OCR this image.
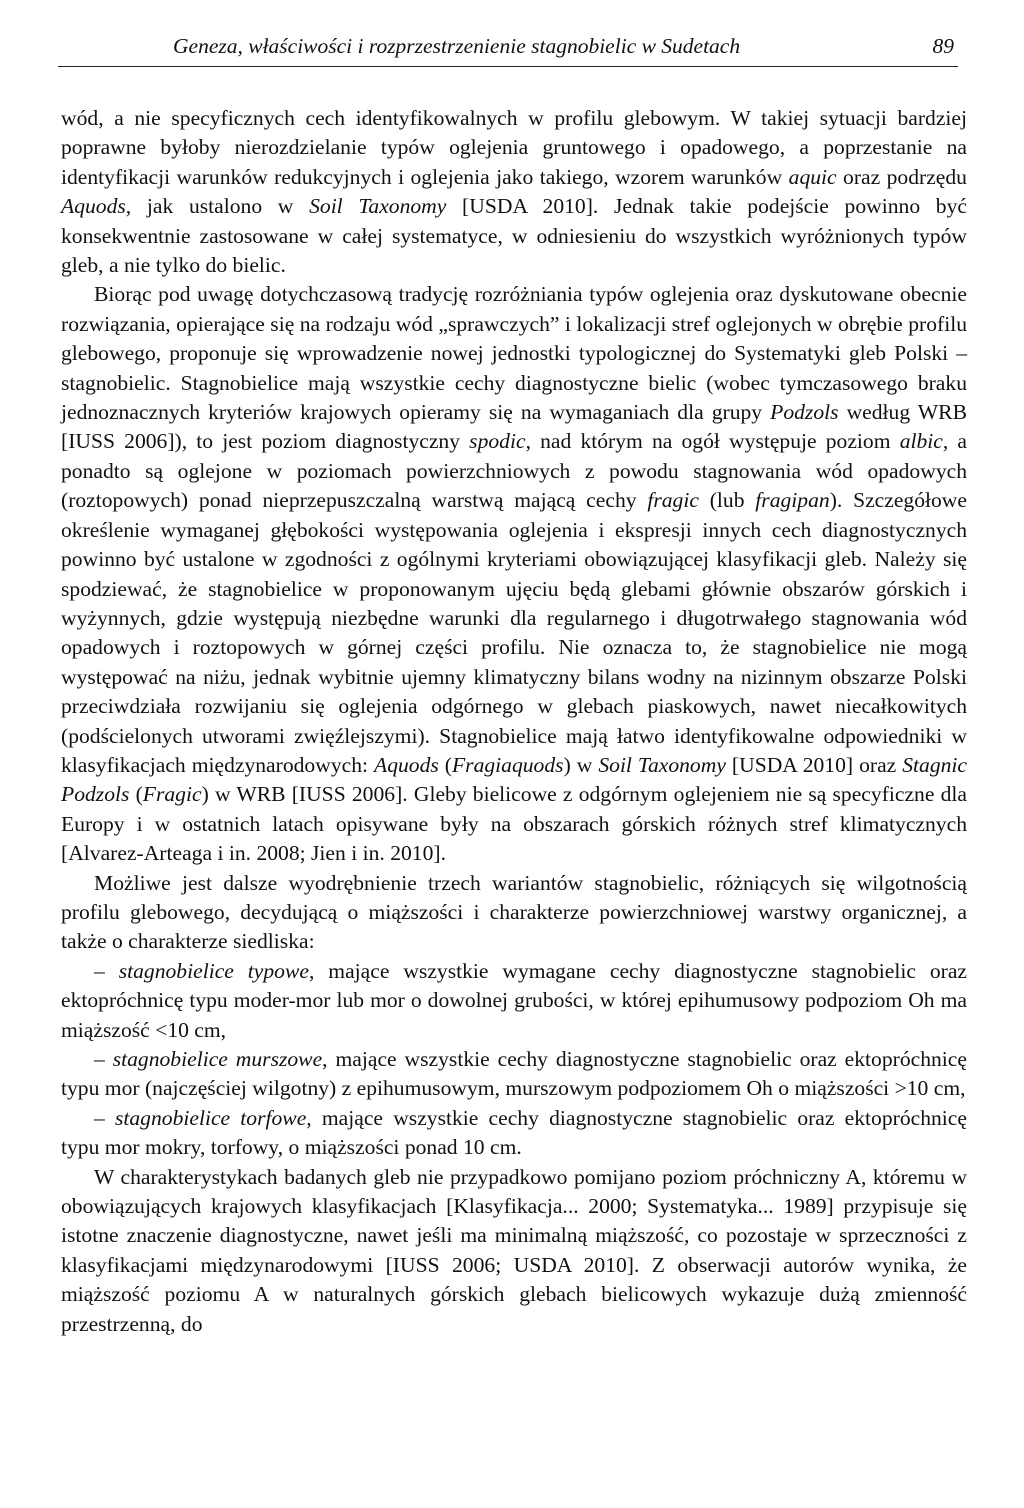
Geneza, właściwości i rozprzestrzenienie stagnobielic w Sudetach	89

wód, a nie specyficznych cech identyfikowalnych w profilu glebowym. W takiej sytuacji bardziej poprawne byłoby nierozdzielanie typów oglejenia gruntowego i opadowego, a poprzestanie na identyfikacji warunków redukcyjnych i oglejenia jako takiego, wzorem warunków aquic oraz podrzędu Aquods, jak ustalono w Soil Taxonomy [USDA 2010]. Jednak takie podejście powinno być konsekwentnie zastosowane w całej systematyce, w odniesieniu do wszystkich wyróżnionych typów gleb, a nie tylko do bielic.

Biorąc pod uwagę dotychczasową tradycję rozróżniania typów oglejenia oraz dyskutowane obecnie rozwiązania, opierające się na rodzaju wód „sprawczych” i lokalizacji stref oglejonych w obrębie profilu glebowego, proponuje się wprowadzenie nowej jednostki typologicznej do Systematyki gleb Polski – stagnobielic. Stagnobielice mają wszystkie cechy diagnostyczne bielic (wobec tymczasowego braku jednoznacznych kryteriów krajowych opieramy się na wymaganiach dla grupy Podzols według WRB [IUSS 2006]), to jest poziom diagnostyczny spodic, nad którym na ogół występuje poziom albic, a ponadto są oglejone w poziomach powierzchniowych z powodu stagnowania wód opadowych (roztopowych) ponad nieprzepuszczalną warstwą mającą cechy fragic (lub fragipan). Szczegółowe określenie wymaganej głębokości występowania oglejenia i ekspresji innych cech diagnostycznych powinno być ustalone w zgodności z ogólnymi kryteriami obowiązującej klasyfikacji gleb. Należy się spodziewać, że stagnobielice w proponowanym ujęciu będą glebami głównie obszarów górskich i wyżynnych, gdzie występują niezbędne warunki dla regularnego i długotrwałego stagnowania wód opadowych i roztopowych w górnej części profilu. Nie oznacza to, że stagnobielice nie mogą występować na niżu, jednak wybitnie ujemny klimatyczny bilans wodny na nizinnym obszarze Polski przeciwdziała rozwijaniu się oglejenia odgórnego w glebach piaskowych, nawet niecałkowitych (podścielonych utworami zwięźlejszymi). Stagnobielice mają łatwo identyfikowalne odpowiedniki w klasyfikacjach międzynarodowych: Aquods (Fragiaquods) w Soil Taxonomy [USDA 2010] oraz Stagnic Podzols (Fragic) w WRB [IUSS 2006]. Gleby bielicowe z odgórnym oglejeniem nie są specyficzne dla Europy i w ostatnich latach opisywane były na obszarach górskich różnych stref klimatycznych [Alvarez-Arteaga i in. 2008; Jien i in. 2010].

Możliwe jest dalsze wyodrębnienie trzech wariantów stagnobielic, różniących się wilgotnością profilu glebowego, decydującą o miąższości i charakterze powierzchniowej warstwy organicznej, a także o charakterze siedliska:

– stagnobielice typowe, mające wszystkie wymagane cechy diagnostyczne stagnobielic oraz ektopróchnicę typu moder-mor lub mor o dowolnej grubości, w której epihumusowy podpoziom Oh ma miąższość <10 cm,

– stagnobielice murszowe, mające wszystkie cechy diagnostyczne stagnobielic oraz ektopróchnicę typu mor (najczęściej wilgotny) z epihumusowym, murszowym podpoziomem Oh o miąższości >10 cm,

– stagnobielice torfowe, mające wszystkie cechy diagnostyczne stagnobielic oraz ektopróchnicę typu mor mokry, torfowy, o miąższości ponad 10 cm.

W charakterystykach badanych gleb nie przypadkowo pomijano poziom próchniczny A, któremu w obowiązujących krajowych klasyfikacjach [Klasyfikacja... 2000; Systematyka... 1989] przypisuje się istotne znaczenie diagnostyczne, nawet jeśli ma minimalną miąższość, co pozostaje w sprzeczności z klasyfikacjami międzynarodowymi [IUSS 2006; USDA 2010]. Z obserwacji autorów wynika, że miąższość poziomu A w naturalnych górskich glebach bielicowych wykazuje dużą zmienność przestrzenną, do
